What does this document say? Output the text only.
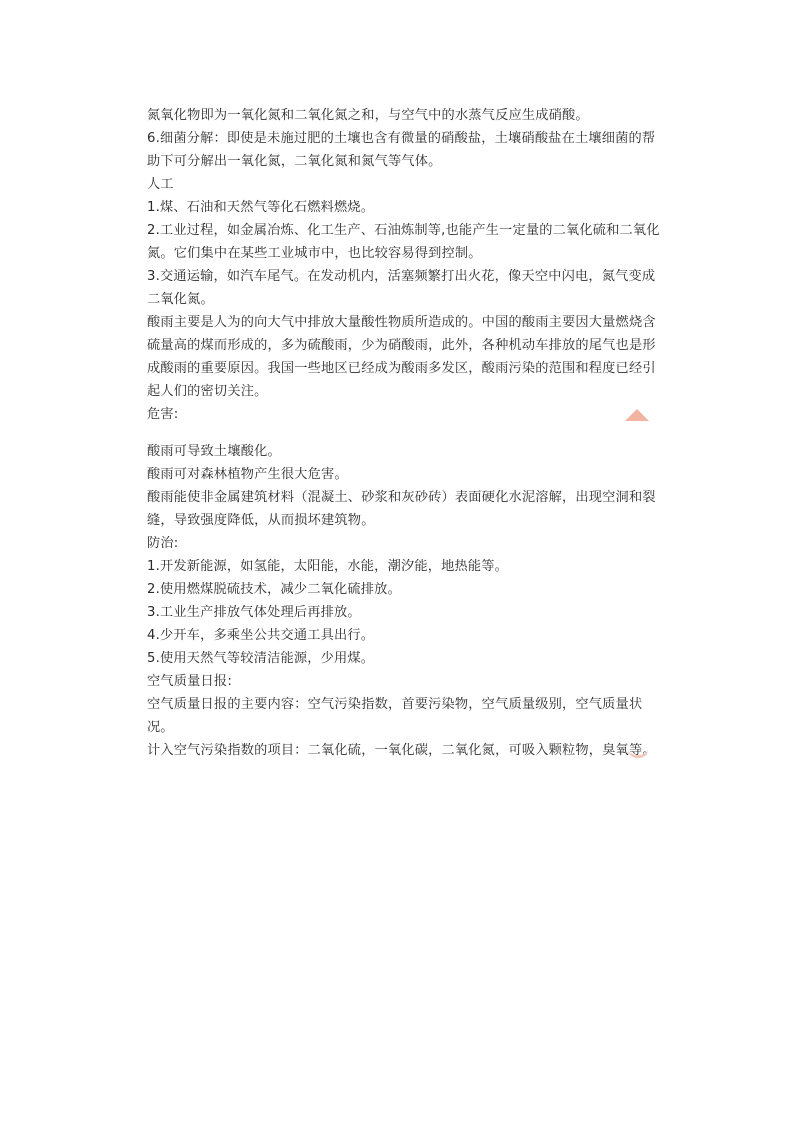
氮氧化物即为一氧化氮和二氧化氮之和，与空气中的水蒸气反应生成硝酸。
6.细菌分解：即使是未施过肥的土壤也含有微量的硝酸盐，土壤硝酸盐在土壤细菌的帮
助下可分解出一氧化氮，二氧化氮和氮气等气体。
人工
1.煤、石油和天然气等化石燃料燃烧。
2.工业过程，如金属冶炼、化工生产、石油炼制等,也能产生一定量的二氧化硫和二氧化
氮。它们集中在某些工业城市中，也比较容易得到控制。
3.交通运输，如汽车尾气。在发动机内，活塞频繁打出火花，像天空中闪电，氮气变成
二氧化氮。
酸雨主要是人为的向大气中排放大量酸性物质所造成的。中国的酸雨主要因大量燃烧含
硫量高的煤而形成的，多为硫酸雨，少为硝酸雨，此外，各种机动车排放的尾气也是形
成酸雨的重要原因。我国一些地区已经成为酸雨多发区，酸雨污染的范围和程度已经引
起人们的密切关注。
危害:
酸雨可导致土壤酸化。
酸雨可对森林植物产生很大危害。
酸雨能使非金属建筑材料（混凝土、砂浆和灰砂砖）表面硬化水泥溶解，出现空洞和裂
缝，导致强度降低，从而损坏建筑物。
防治:
1.开发新能源，如氢能，太阳能，水能，潮汐能，地热能等。
2.使用燃煤脱硫技术，减少二氧化硫排放。
3.工业生产排放气体处理后再排放。
4.少开车，多乘坐公共交通工具出行。
5.使用天然气等较清洁能源，少用煤。
空气质量日报:
空气质量日报的主要内容：空气污染指数，首要污染物，空气质量级别，空气质量状
况。
计入空气污染指数的项目：二氧化硫，一氧化碳，二氧化氮，可吸入颗粒物，臭氧等。
